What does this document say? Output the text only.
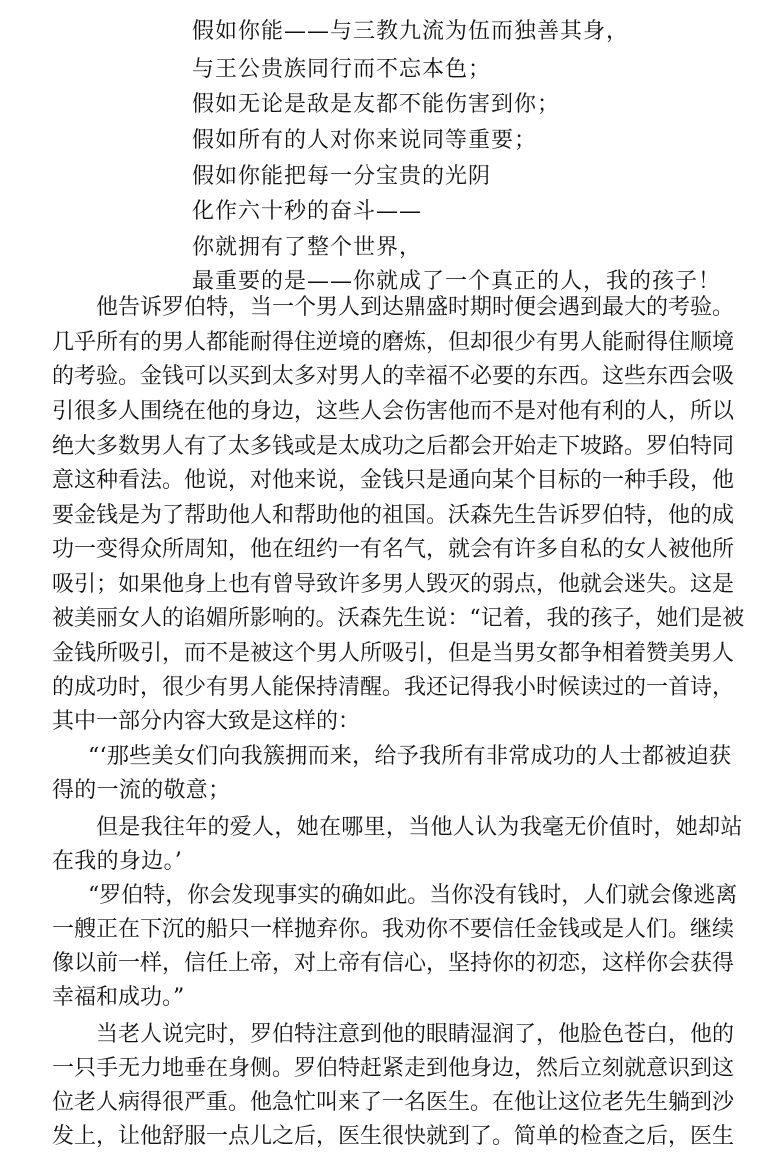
假如你能——与三教九流为伍而独善其身，
与王公贵族同行而不忘本色；
假如无论是敌是友都不能伤害到你；
假如所有的人对你来说同等重要；
假如你能把每一分宝贵的光阴
化作六十秒的奋斗——
你就拥有了整个世界，
最重要的是——你就成了一个真正的人，我的孩子！
他告诉罗伯特，当一个男人到达鼎盛时期时便会遇到最大的考验。
几乎所有的男人都能耐得住逆境的磨炼，但却很少有男人能耐得住顺境
的考验。金钱可以买到太多对男人的幸福不必要的东西。这些东西会吸
引很多人围绕在他的身边，这些人会伤害他而不是对他有利的人，所以
绝大多数男人有了太多钱或是太成功之后都会开始走下坡路。罗伯特同
意这种看法。他说，对他来说，金钱只是通向某个目标的一种手段，他
要金钱是为了帮助他人和帮助他的祖国。沃森先生告诉罗伯特，他的成
功一变得众所周知，他在纽约一有名气，就会有许多自私的女人被他所
吸引；如果他身上也有曾导致许多男人毁灭的弱点，他就会迷失。这是
被美丽女人的谄媚所影响的。沃森先生说：“记着，我的孩子，她们是被
金钱所吸引，而不是被这个男人所吸引，但是当男女都争相着赞美男人
的成功时，很少有男人能保持清醒。我还记得我小时候读过的一首诗，
其中一部分内容大致是这样的：
“‘那些美女们向我簇拥而来，给予我所有非常成功的人士都被迫获
得的一流的敬意；
但是我往年的爱人，她在哪里，当他人认为我毫无价值时，她却站
在我的身边。’
“罗伯特，你会发现事实的确如此。当你没有钱时，人们就会像逃离
一艘正在下沉的船只一样抛弃你。我劝你不要信任金钱或是人们。继续
像以前一样，信任上帝，对上帝有信心，坚持你的初恋，这样你会获得
幸福和成功。”
当老人说完时，罗伯特注意到他的眼睛湿润了，他脸色苍白，他的
一只手无力地垂在身侧。罗伯特赶紧走到他身边，然后立刻就意识到这
位老人病得很严重。他急忙叫来了一名医生。在他让这位老先生躺到沙
发上，让他舒服一点儿之后，医生很快就到了。简单的检查之后，医生
